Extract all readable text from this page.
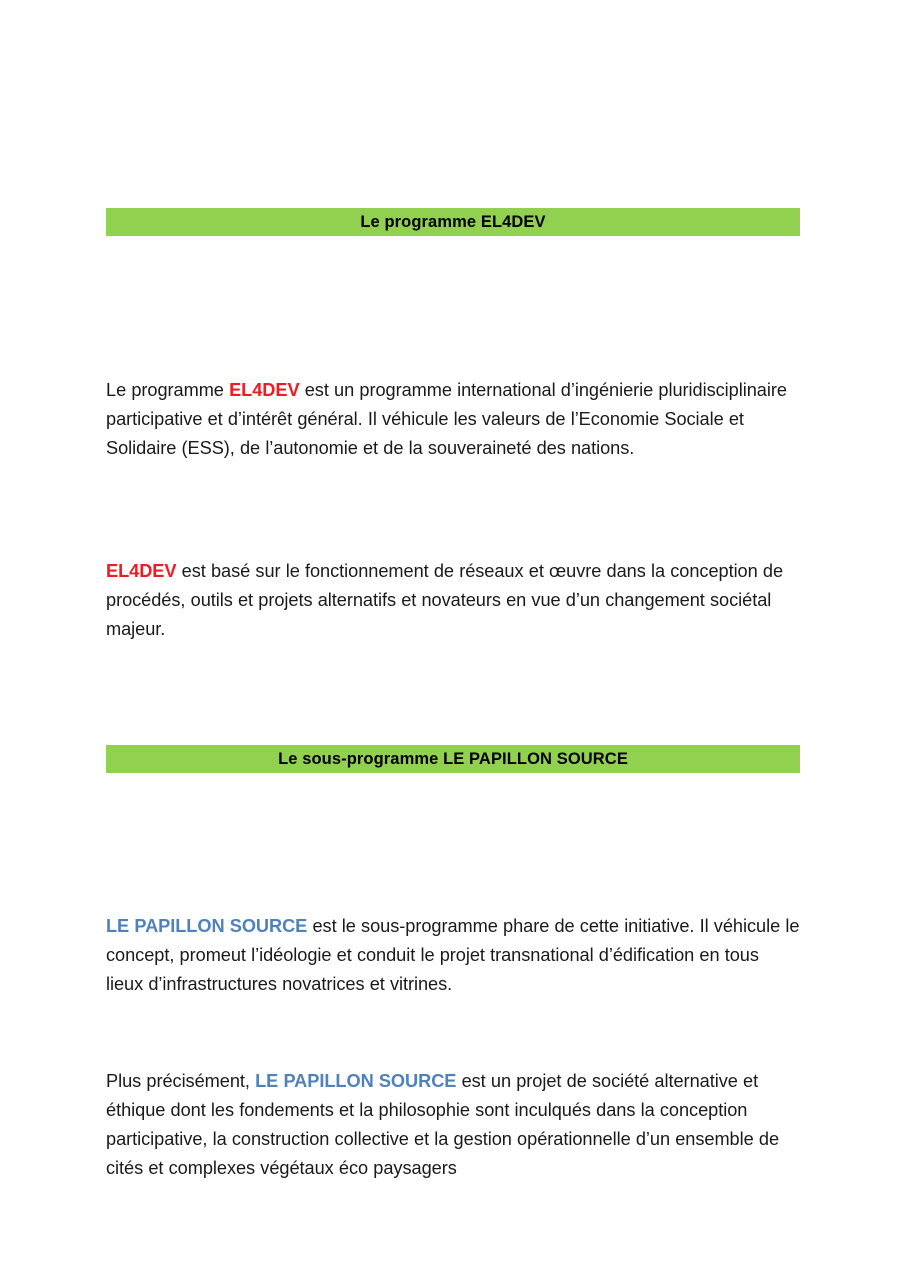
Le programme EL4DEV

Le programme EL4DEV est un programme international d’ingénierie pluridisciplinaire participative et d’intérêt général. Il véhicule les valeurs de l’Economie Sociale et Solidaire (ESS), de l’autonomie et de la souveraineté des nations.

EL4DEV est basé sur le fonctionnement de réseaux et œuvre dans la conception de procédés, outils et projets alternatifs et novateurs en vue d’un changement sociétal majeur.

Le sous-programme LE PAPILLON SOURCE

LE PAPILLON SOURCE est le sous-programme phare de cette initiative. Il véhicule le concept, promeut l’idéologie et conduit le projet transnational d’édification en tous lieux d’infrastructures novatrices et vitrines.

Plus précisément, LE PAPILLON SOURCE est un projet de société alternative et éthique dont les fondements et la philosophie sont inculqués dans la conception participative, la construction collective et la gestion opérationnelle d’un ensemble de cités et complexes végétaux éco paysagers
